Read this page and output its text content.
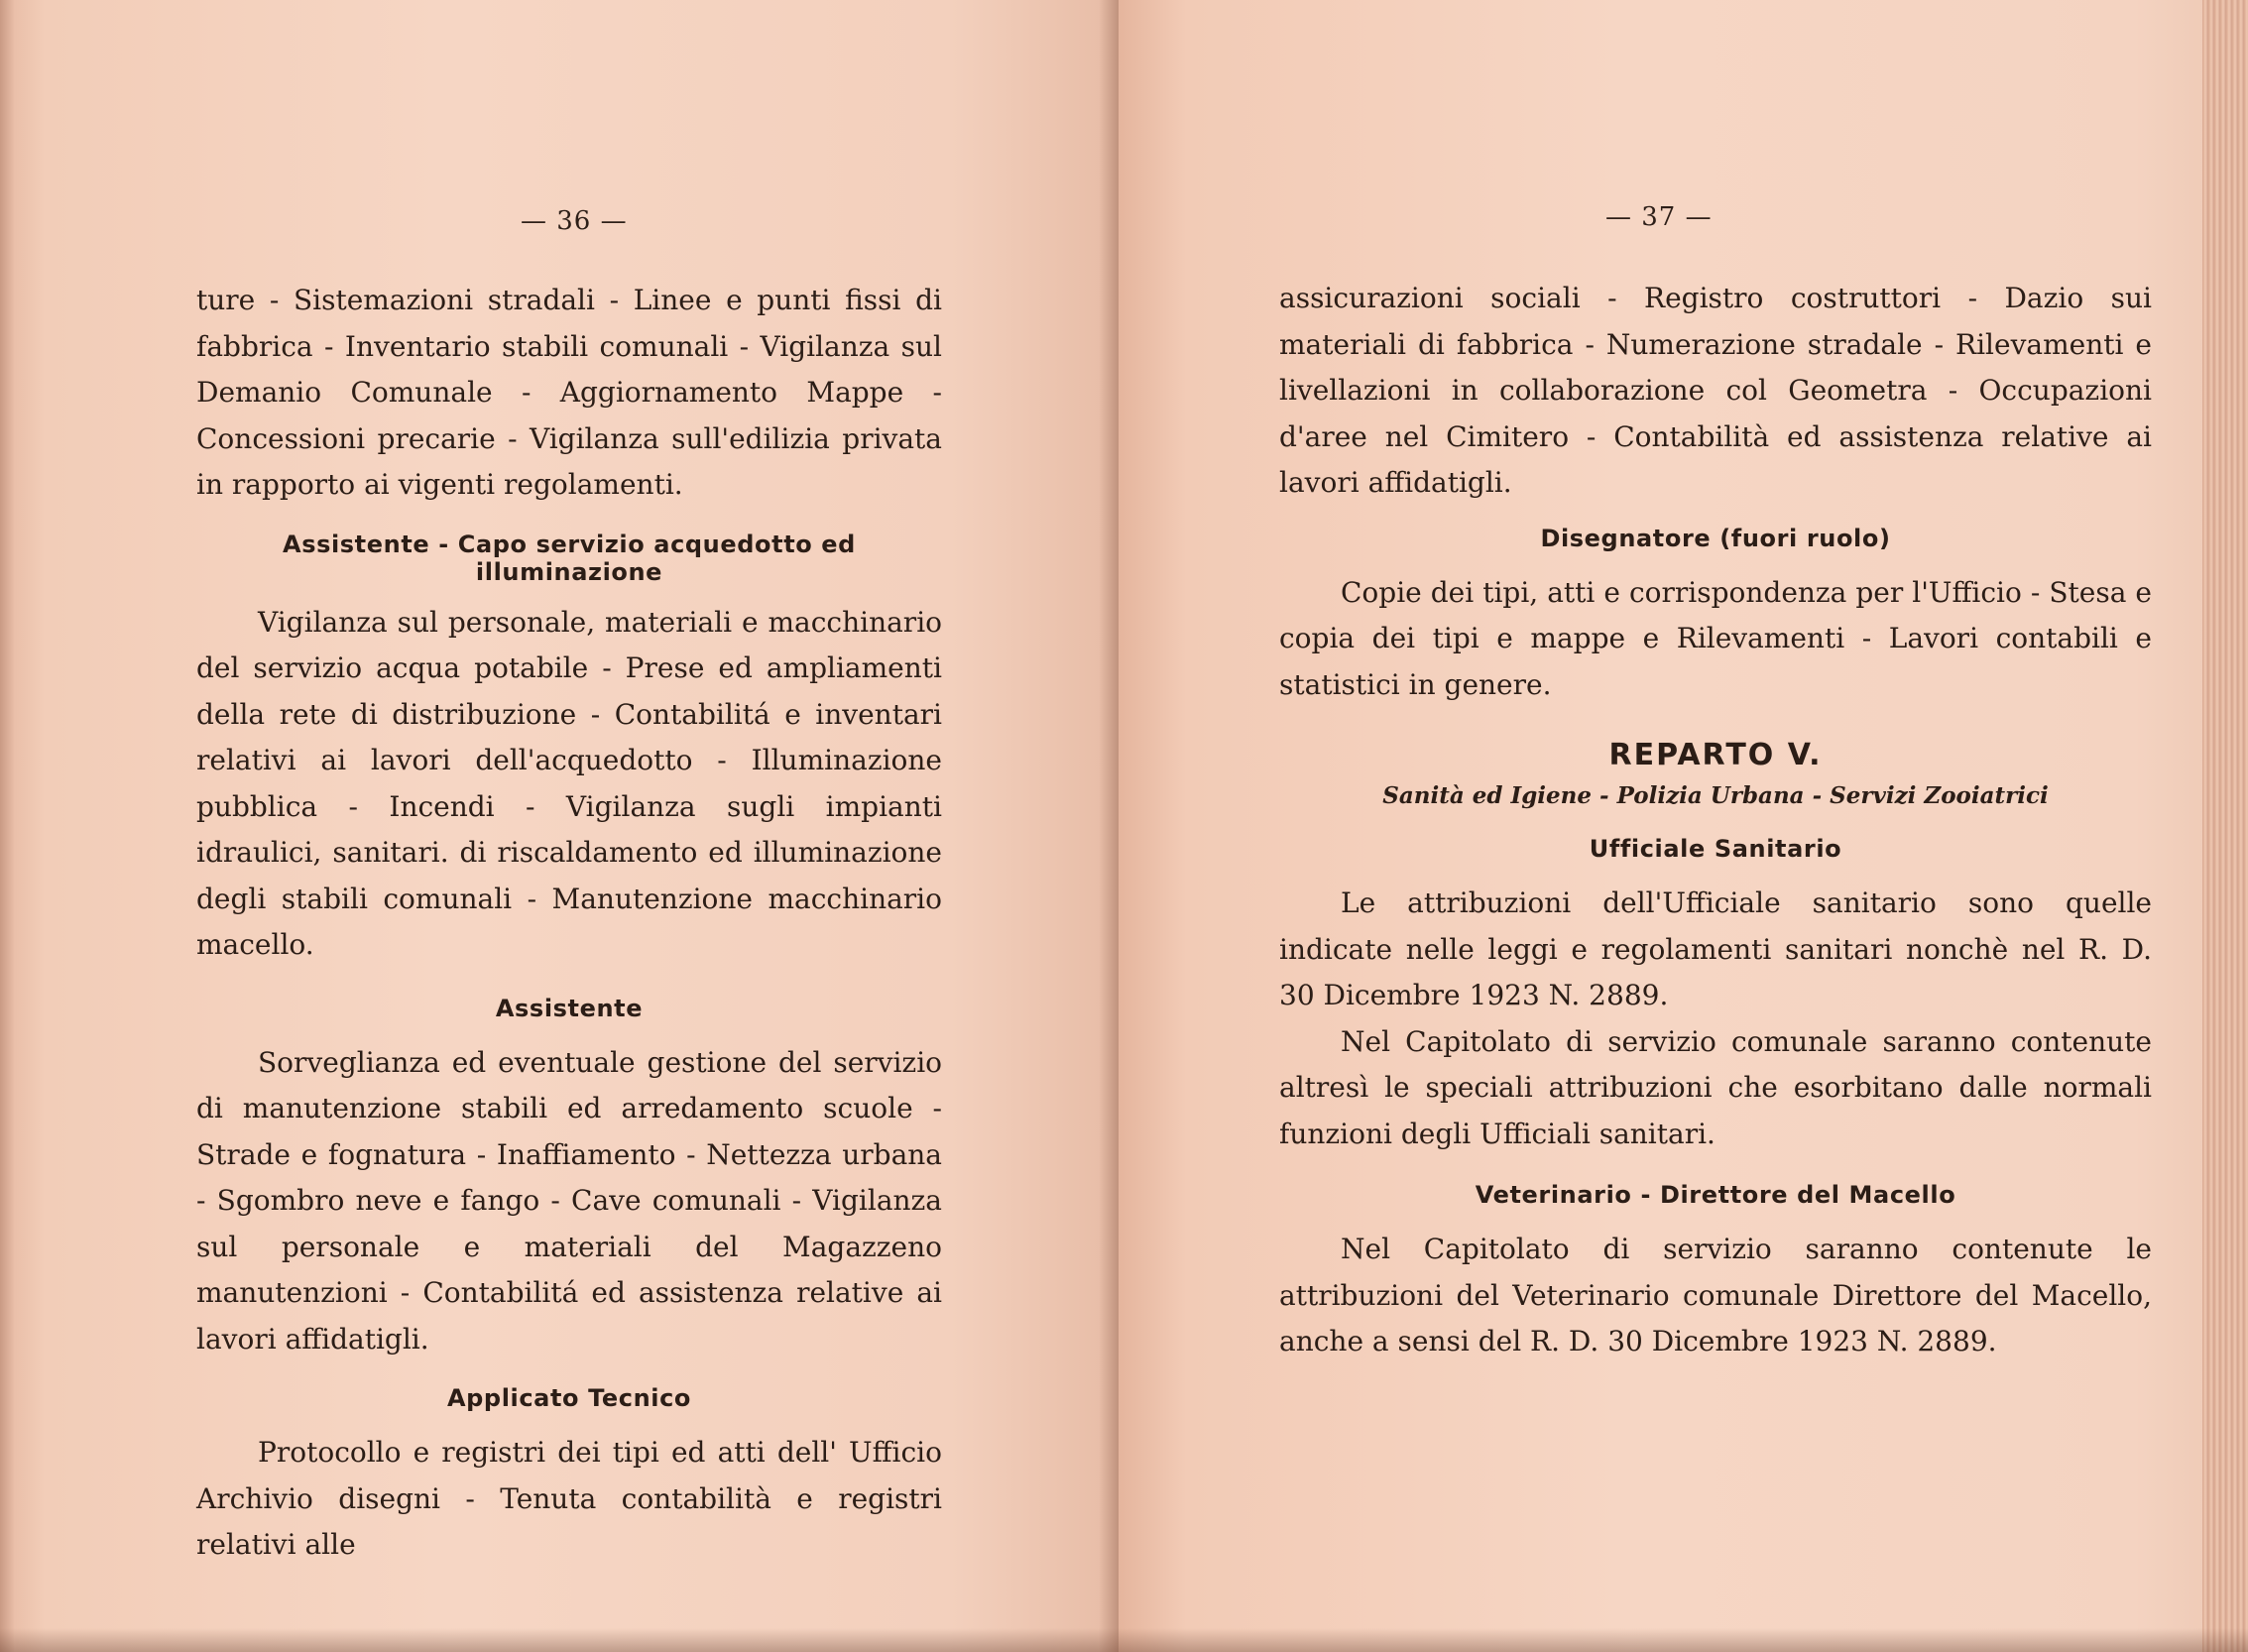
— 36 —

ture - Sistemazioni stradali - Linee e punti fissi di fabbrica - Inventario stabili comunali - Vigilanza sul Demanio Comunale - Aggiornamento Mappe - Concessioni precarie - Vigilanza sull'edilizia privata in rapporto ai vigenti regolamenti.

Assistente - Capo servizio acquedotto ed illuminazione

Vigilanza sul personale, materiali e macchinario del servizio acqua potabile - Prese ed ampliamenti della rete di distribuzione - Contabilitá e inventari relativi ai lavori dell'acquedotto - Illuminazione pubblica - Incendi - Vigilanza sugli impianti idraulici, sanitari. di riscaldamento ed illuminazione degli stabili comunali - Manutenzione macchinario macello.

Assistente

Sorveglianza ed eventuale gestione del servizio di manutenzione stabili ed arredamento scuole - Strade e fognatura - Inaffiamento - Nettezza urbana - Sgombro neve e fango - Cave comunali - Vigilanza sul personale e materiali del Magazzeno manutenzioni - Contabilitá ed assistenza relative ai lavori affidatigli.

Applicato Tecnico

Protocollo e registri dei tipi ed atti dell' Ufficio Archivio disegni - Tenuta contabilità e registri relativi alle

— 37 —

assicurazioni sociali - Registro costruttori - Dazio sui materiali di fabbrica - Numerazione stradale - Rilevamenti e livellazioni in collaborazione col Geometra - Occupazioni d'aree nel Cimitero - Contabilità ed assistenza relative ai lavori affidatigli.

Disegnatore (fuori ruolo)

Copie dei tipi, atti e corrispondenza per l'Ufficio - Stesa e copia dei tipi e mappe e Rilevamenti - Lavori contabili e statistici in genere.

REPARTO V.
Sanità ed Igiene - Polizia Urbana - Servizi Zooiatrici
Ufficiale Sanitario

Le attribuzioni dell'Ufficiale sanitario sono quelle indicate nelle leggi e regolamenti sanitari nonchè nel R. D. 30 Dicembre 1923 N. 2889.

Nel Capitolato di servizio comunale saranno contenute altresì le speciali attribuzioni che esorbitano dalle normali funzioni degli Ufficiali sanitari.

Veterinario - Direttore del Macello

Nel Capitolato di servizio saranno contenute le attribuzioni del Veterinario comunale Direttore del Macello, anche a sensi del R. D. 30 Dicembre 1923 N. 2889.
